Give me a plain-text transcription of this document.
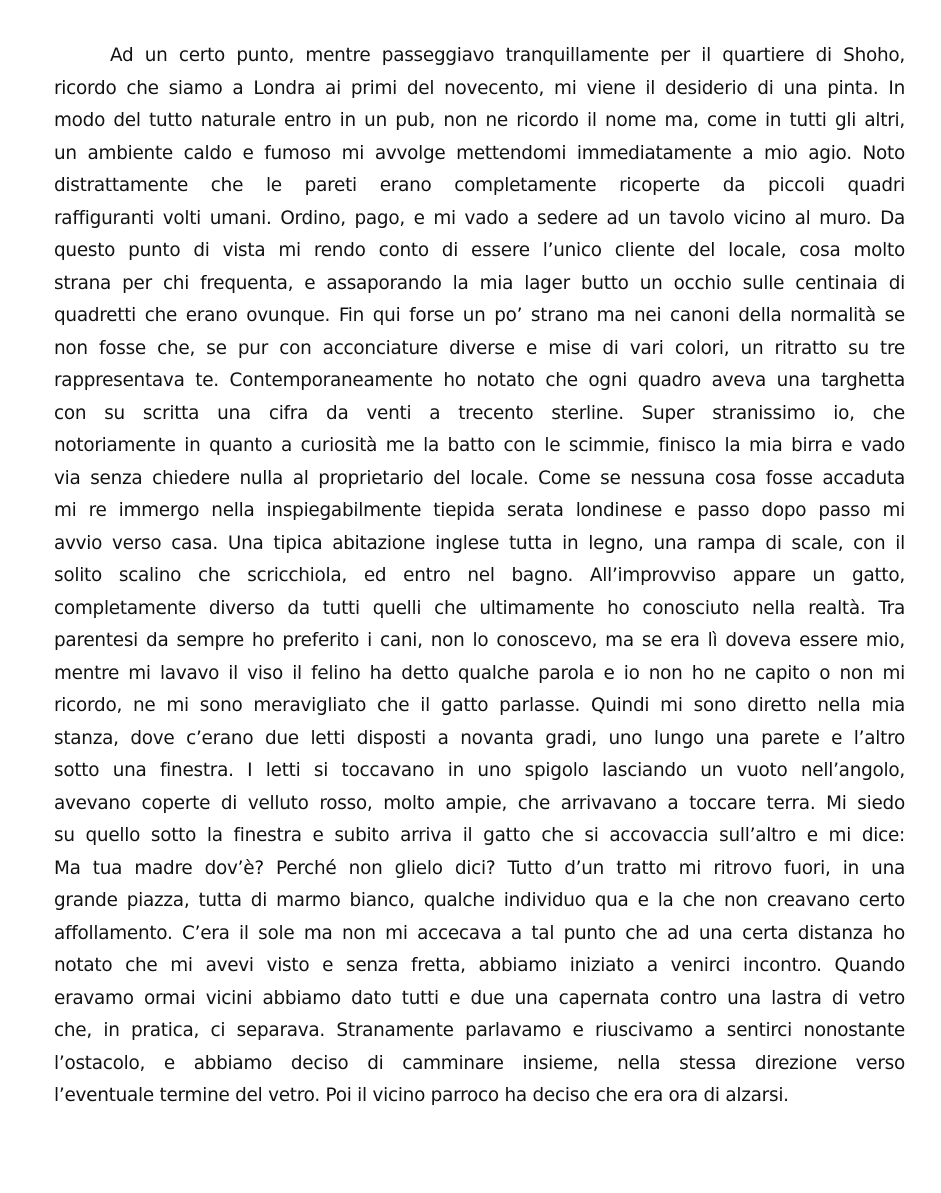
Ad un certo punto, mentre passeggiavo tranquillamente per il quartiere di Shoho,
ricordo che siamo a Londra ai primi del novecento, mi viene il desiderio di una pinta. In
modo del tutto naturale entro in un pub, non ne ricordo il nome ma, come in tutti gli altri,
un ambiente caldo e fumoso mi avvolge mettendomi immediatamente a mio agio. Noto
distrattamente che le pareti erano completamente ricoperte da piccoli quadri
raffiguranti volti umani. Ordino, pago, e mi vado a sedere ad un tavolo vicino al muro. Da
questo punto di vista mi rendo conto di essere l’unico cliente del locale, cosa molto
strana per chi frequenta, e assaporando la mia lager butto un occhio sulle centinaia di
quadretti che erano ovunque. Fin qui forse un po’ strano ma nei canoni della normalità se
non fosse che, se pur con acconciature diverse e mise di vari colori, un ritratto su tre
rappresentava te. Contemporaneamente ho notato che ogni quadro aveva una targhetta
con su scritta una cifra da venti a trecento sterline. Super stranissimo io, che
notoriamente in quanto a curiosità me la batto con le scimmie, finisco la mia birra e vado
via senza chiedere nulla al proprietario del locale. Come se nessuna cosa fosse accaduta
mi re immergo nella inspiegabilmente tiepida serata londinese e passo dopo passo mi
avvio verso casa. Una tipica abitazione inglese tutta in legno, una rampa di scale, con il
solito scalino che scricchiola, ed entro nel bagno. All’improvviso appare un gatto,
completamente diverso da tutti quelli che ultimamente ho conosciuto nella realtà. Tra
parentesi da sempre ho preferito i cani, non lo conoscevo, ma se era lì doveva essere mio,
mentre mi lavavo il viso il felino ha detto qualche parola e io non ho ne capito o non mi
ricordo, ne mi sono meravigliato che il gatto parlasse. Quindi mi sono diretto nella mia
stanza, dove c’erano due letti disposti a novanta gradi, uno lungo una parete e l’altro
sotto una finestra. I letti si toccavano in uno spigolo lasciando un vuoto nell’angolo,
avevano coperte di velluto rosso, molto ampie, che arrivavano a toccare terra. Mi siedo
su quello sotto la finestra e subito arriva il gatto che si accovaccia sull’altro e mi dice:
Ma tua madre dov’è? Perché non glielo dici? Tutto d’un tratto mi ritrovo fuori, in una
grande piazza, tutta di marmo bianco, qualche individuo qua e la che non creavano certo
affollamento. C’era il sole ma non mi accecava a tal punto che ad una certa distanza ho
notato che mi avevi visto e senza fretta, abbiamo iniziato a venirci incontro. Quando
eravamo ormai vicini abbiamo dato tutti e due una capernata contro una lastra di vetro
che, in pratica, ci separava. Stranamente parlavamo e riuscivamo a sentirci nonostante
l’ostacolo, e abbiamo deciso di camminare insieme, nella stessa direzione verso
l’eventuale termine del vetro. Poi il vicino parroco ha deciso che era ora di alzarsi.
